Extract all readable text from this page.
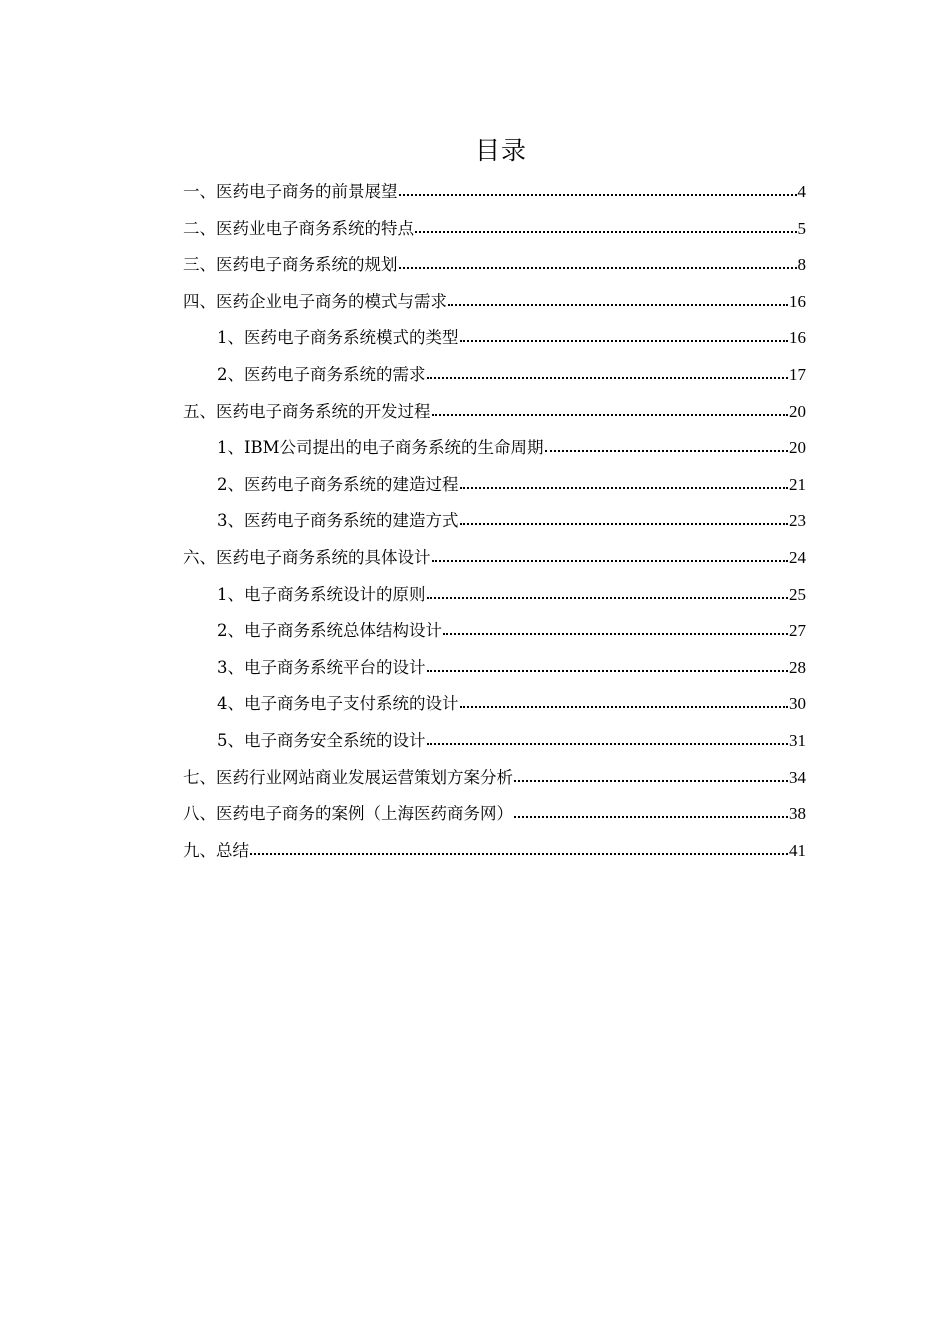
目录
一、医药电子商务的前景展望	4
二、医药业电子商务系统的特点	5
三、医药电子商务系统的规划	8
四、医药企业电子商务的模式与需求	16
1、医药电子商务系统模式的类型	16
2、医药电子商务系统的需求	17
五、医药电子商务系统的开发过程	20
1、IBM公司提出的电子商务系统的生命周期	20
2、医药电子商务系统的建造过程	21
3、医药电子商务系统的建造方式	23
六、医药电子商务系统的具体设计	24
1、电子商务系统设计的原则	25
2、电子商务系统总体结构设计	27
3、电子商务系统平台的设计	28
4、电子商务电子支付系统的设计	30
5、电子商务安全系统的设计	31
七、医药行业网站商业发展运营策划方案分析	34
八、医药电子商务的案例（上海医药商务网）	38
九、总结	41
